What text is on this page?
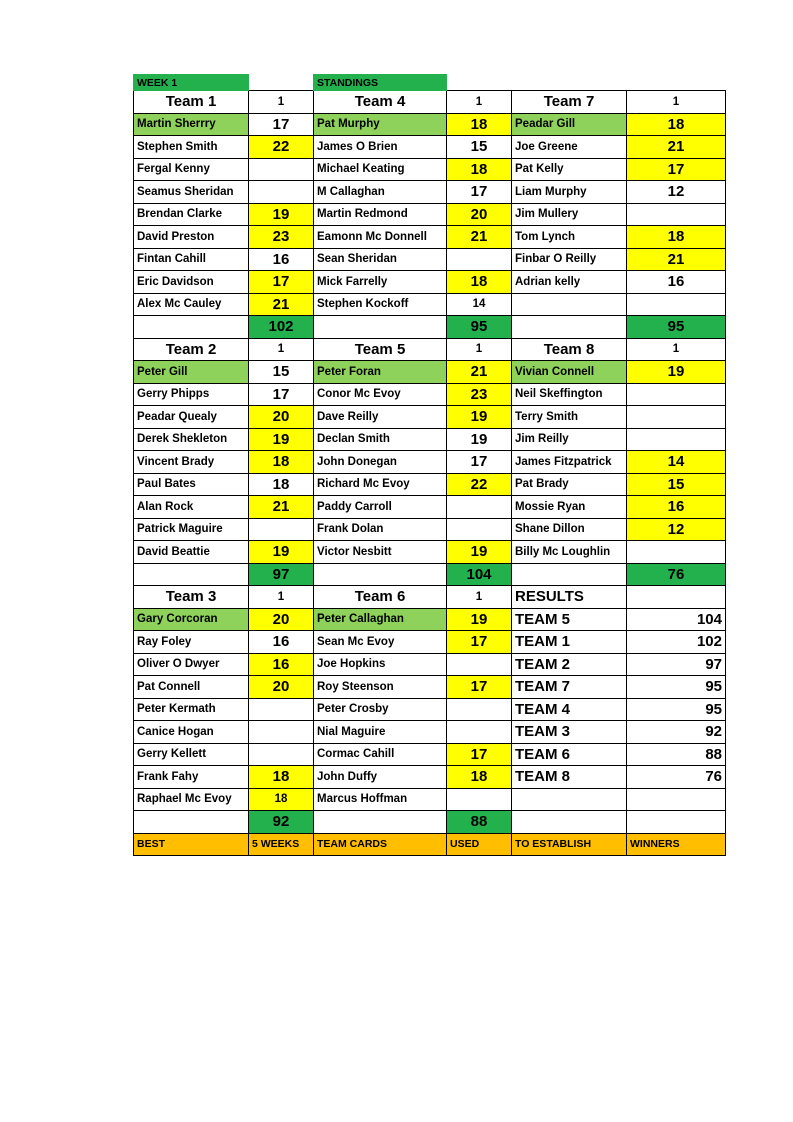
WEEK 1		STANDINGS			
Team 1	1	Team 4	1	Team 7	1
Martin Sherrry	17	Pat Murphy	18	Peadar Gill	18
Stephen Smith	22	James O Brien	15	Joe Greene	21
Fergal Kenny		Michael Keating	18	Pat Kelly	17
Seamus Sheridan		M Callaghan	17	Liam Murphy	12
Brendan Clarke	19	Martin Redmond	20	Jim Mullery	
David Preston	23	Eamonn Mc Donnell	21	Tom Lynch	18
Fintan Cahill	16	Sean Sheridan		Finbar O Reilly	21
Eric Davidson	17	Mick Farrelly	18	Adrian kelly	16
Alex Mc Cauley	21	Stephen Kockoff	14		
	102		95		95
Team 2	1	Team 5	1	Team 8	1
Peter Gill	15	Peter Foran	21	Vivian Connell	19
Gerry Phipps	17	Conor Mc Evoy	23	Neil Skeffington	
Peadar Quealy	20	Dave Reilly	19	Terry Smith	
Derek Shekleton	19	Declan Smith	19	Jim Reilly	
Vincent Brady	18	John Donegan	17	James Fitzpatrick	14
Paul Bates	18	Richard Mc Evoy	22	Pat Brady	15
Alan Rock	21	Paddy Carroll		Mossie Ryan	16
Patrick Maguire		Frank Dolan		Shane Dillon	12
David Beattie	19	Victor Nesbitt	19	Billy Mc Loughlin	
	97		104		76
Team 3	1	Team 6	1	RESULTS	
Gary Corcoran	20	Peter Callaghan	19	TEAM 5	104
Ray Foley	16	Sean Mc Evoy	17	TEAM 1	102
Oliver O Dwyer	16	Joe Hopkins		TEAM 2	97
Pat Connell	20	Roy Steenson	17	TEAM 7	95
Peter Kermath		Peter Crosby		TEAM 4	95
Canice Hogan		Nial Maguire		TEAM 3	92
Gerry Kellett		Cormac Cahill	17	TEAM 6	88
Frank Fahy	18	John Duffy	18	TEAM 8	76
Raphael Mc Evoy	18	Marcus Hoffman			
	92		88		
BEST	5 WEEKS	TEAM CARDS	USED	TO ESTABLISH	WINNERS
